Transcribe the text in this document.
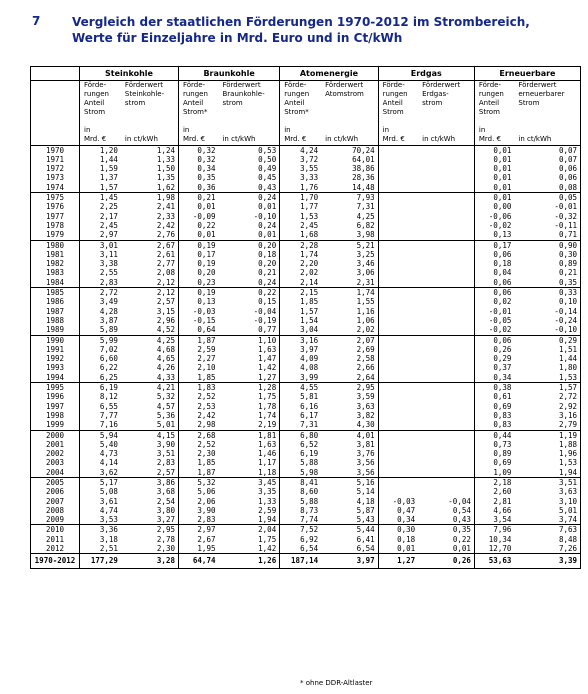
7	Vergleich der staatlichen Förderungen 1970-2012 im Strombereich, Werte für Einzeljahre in Mrd. Euro und in Ct/kWh
	Steinkohle		Braunkohle		Atomenergie		Erdgas		Erneuerbare	
	Förde-	Förderwert	Förde-	Förderwert	Förde-	Förderwert	Förde-	Förderwert	Förde-	Förderwert
	rungen	Steinkohle-	rungen	Braunkohle-	rungen	Atomstrom	rungen	Erdgas-	rungen	erneuerbarer
	Anteil	strom	Anteil	strom	Anteil		Anteil	strom	Anteil	Strom
	Strom		Strom*		Strom*		Strom		Strom	

	in		in		in		in		in	
	Mrd. €	in ct/kWh	Mrd. €	in ct/kWh	Mrd. €	in ct/kWh	Mrd. €	in ct/kWh	Mrd. €	in ct/kWh
1970	1,20	1,24	0,32	0,53	4,24	70,24			0,01	0,07
1971	1,44	1,33	0,32	0,50	3,72	64,01			0,01	0,07
1972	1,59	1,50	0,34	0,49	3,55	38,86			0,01	0,06
1973	1,37	1,35	0,35	0,45	3,33	28,36			0,01	0,06
1974	1,57	1,62	0,36	0,43	1,76	14,48			0,01	0,08
1975	1,45	1,98	0,21	0,24	1,70	7,93			0,01	0,05
1976	2,25	2,41	0,01	0,01	1,77	7,31			0,00	-0,01
1977	2,17	2,33	-0,09	-0,10	1,53	4,25			-0,06	-0,32
1978	2,45	2,42	0,22	0,24	2,45	6,82			-0,02	-0,11
1979	2,97	2,76	0,01	0,01	1,68	3,98			0,13	0,71
1980	3,01	2,67	0,19	0,20	2,28	5,21			0,17	0,90
1981	3,11	2,61	0,17	0,18	1,74	3,25			0,06	0,30
1982	3,38	2,77	0,19	0,20	2,20	3,46			0,18	0,89
1983	2,55	2,08	0,20	0,21	2,02	3,06			0,04	0,21
1984	2,83	2,12	0,23	0,24	2,14	2,31			0,06	0,35
1985	2,72	2,12	0,19	0,22	2,15	1,74			0,06	0,33
1986	3,49	2,57	0,13	0,15	1,85	1,55			0,02	0,10
1987	4,28	3,15	-0,03	-0,04	1,57	1,16			-0,01	-0,14
1988	3,87	2,96	-0,15	-0,19	1,54	1,06			-0,05	-0,24
1989	5,89	4,52	0,64	0,77	3,04	2,02			-0,02	-0,10
1990	5,99	4,25	1,87	1,10	3,16	2,07			0,06	0,29
1991	7,02	4,68	2,59	1,63	3,97	2,69			0,26	1,51
1992	6,60	4,65	2,27	1,47	4,09	2,58			0,29	1,44
1993	6,22	4,26	2,10	1,42	4,08	2,66			0,37	1,80
1994	6,25	4,33	1,85	1,27	3,99	2,64			0,34	1,53
1995	6,19	4,21	1,83	1,28	4,55	2,95			0,38	1,57
1996	8,12	5,32	2,52	1,75	5,81	3,59			0,61	2,72
1997	6,55	4,57	2,53	1,78	6,16	3,63			0,69	2,92
1998	7,77	5,36	2,42	1,74	6,17	3,82			0,83	3,16
1999	7,16	5,01	2,98	2,19	7,31	4,30			0,83	2,79
2000	5,94	4,15	2,68	1,81	6,80	4,01			0,44	1,19
2001	5,40	3,90	2,52	1,63	6,52	3,81			0,73	1,88
2002	4,73	3,51	2,30	1,46	6,19	3,76			0,89	1,96
2003	4,14	2,83	1,85	1,17	5,88	3,56			0,69	1,53
2004	3,62	2,57	1,87	1,18	5,98	3,56			1,09	1,94
2005	5,17	3,86	5,32	3,45	8,41	5,16			2,18	3,51
2006	5,08	3,68	5,06	3,35	8,60	5,14			2,60	3,63
2007	3,61	2,54	2,06	1,33	5,88	4,18	-0,03	-0,04	2,81	3,10
2008	4,74	3,80	3,90	2,59	8,73	5,87	0,47	0,54	4,66	5,01
2009	3,53	3,27	2,83	1,94	7,74	5,43	0,34	0,43	3,54	3,74
2010	3,36	2,95	2,97	2,04	7,52	5,44	0,30	0,35	7,96	7,63
2011	3,18	2,78	2,67	1,75	6,92	6,41	0,18	0,22	10,34	8,48
2012	2,51	2,30	1,95	1,42	6,54	6,54	0,01	0,01	12,70	7,26
1970-2012	177,29	3,28	64,74	1,26	187,14	3,97	1,27	0,26	53,63	3,39
* ohne DDR-Altlaster
